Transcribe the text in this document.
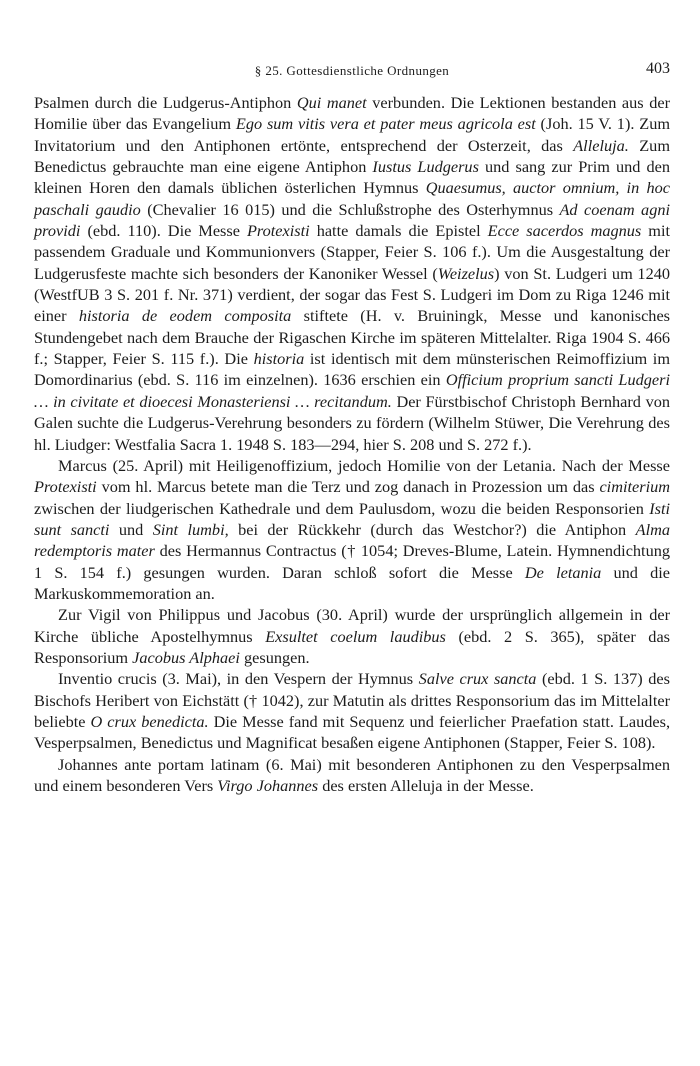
§ 25. Gottesdienstliche Ordnungen	403

Psalmen durch die Ludgerus-Antiphon Qui manet verbunden. Die Lektionen bestanden aus der Homilie über das Evangelium Ego sum vitis vera et pater meus agricola est (Joh. 15 V. 1). Zum Invitatorium und den Antiphonen ertönte, entsprechend der Osterzeit, das Alleluja. Zum Benedictus gebrauchte man eine eigene Antiphon Iustus Ludgerus und sang zur Prim und den kleinen Horen den damals üblichen österlichen Hymnus Quaesumus, auctor omnium, in hoc paschali gaudio (Chevalier 16 015) und die Schlußstrophe des Osterhymnus Ad coenam agni providi (ebd. 110). Die Messe Protexisti hatte damals die Epistel Ecce sacerdos magnus mit passendem Graduale und Kommunionvers (Stapper, Feier S. 106 f.). Um die Ausgestaltung der Ludgerusfeste machte sich besonders der Kanoniker Wessel (Weizelus) von St. Ludgeri um 1240 (WestfUB 3 S. 201 f. Nr. 371) verdient, der sogar das Fest S. Ludgeri im Dom zu Riga 1246 mit einer historia de eodem composita stiftete (H. v. Bruiningk, Messe und kanonisches Stundengebet nach dem Brauche der Rigaschen Kirche im späteren Mittelalter. Riga 1904 S. 466 f.; Stapper, Feier S. 115 f.). Die historia ist identisch mit dem münsterischen Reimoffizium im Domordinarius (ebd. S. 116 im einzelnen). 1636 erschien ein Officium proprium sancti Ludgeri … in civitate et dioecesi Monasteriensi … recitandum. Der Fürstbischof Christoph Bernhard von Galen suchte die Ludgerus-Verehrung besonders zu fördern (Wilhelm Stüwer, Die Verehrung des hl. Liudger: Westfalia Sacra 1. 1948 S. 183—294, hier S. 208 und S. 272 f.).

Marcus (25. April) mit Heiligenoffizium, jedoch Homilie von der Letania. Nach der Messe Protexisti vom hl. Marcus betete man die Terz und zog danach in Prozession um das cimiterium zwischen der liudgerischen Kathedrale und dem Paulusdom, wozu die beiden Responsorien Isti sunt sancti und Sint lumbi, bei der Rückkehr (durch das Westchor?) die Antiphon Alma redemptoris mater des Hermannus Contractus († 1054; Dreves-Blume, Latein. Hymnendichtung 1 S. 154 f.) gesungen wurden. Daran schloß sofort die Messe De letania und die Markuskommemoration an.

Zur Vigil von Philippus und Jacobus (30. April) wurde der ursprünglich allgemein in der Kirche übliche Apostelhymnus Exsultet coelum laudibus (ebd. 2 S. 365), später das Responsorium Jacobus Alphaei gesungen.

Inventio crucis (3. Mai), in den Vespern der Hymnus Salve crux sancta (ebd. 1 S. 137) des Bischofs Heribert von Eichstätt († 1042), zur Matutin als drittes Responsorium das im Mittelalter beliebte O crux benedicta. Die Messe fand mit Sequenz und feierlicher Praefation statt. Laudes, Vesperpsalmen, Benedictus und Magnificat besaßen eigene Antiphonen (Stapper, Feier S. 108).

Johannes ante portam latinam (6. Mai) mit besonderen Antiphonen zu den Vesperpsalmen und einem besonderen Vers Virgo Johannes des ersten Alleluja in der Messe.
